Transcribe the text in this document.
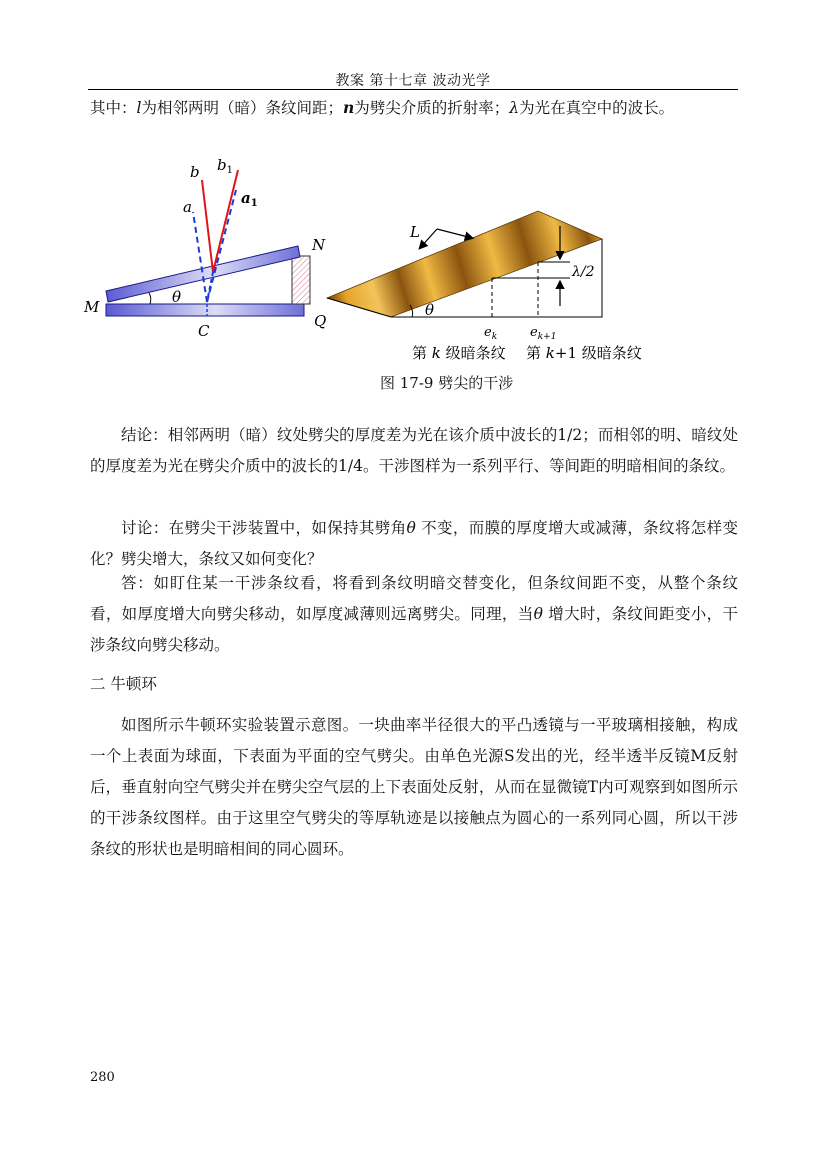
教案 第十七章 波动光学
其中：l为相邻两明（暗）条纹间距；n为劈尖介质的折射率；λ为光在真空中的波长。
b $b_1$
a	$a_1$
N
M
θ
C
Q
L
λ/2
θ
$e_k$	$e_{k+1}$
第 k 级暗条纹 第 k+1 级暗条纹
图 17-9 劈尖的干涉
结论：相邻两明（暗）纹处劈尖的厚度差为光在该介质中波长的1/2；而相邻的明、暗纹处的厚度差为光在劈尖介质中的波长的1/4。干涉图样为一系列平行、等间距的明暗相间的条纹。
讨论：在劈尖干涉装置中，如保持其劈角θ 不变，而膜的厚度增大或减薄，条纹将怎样变化？劈尖增大，条纹又如何变化？
答：如盯住某一干涉条纹看，将看到条纹明暗交替变化，但条纹间距不变，从整个条纹看，如厚度增大向劈尖移动，如厚度减薄则远离劈尖。同理，当θ 增大时，条纹间距变小，干涉条纹向劈尖移动。
二 牛顿环
如图所示牛顿环实验装置示意图。一块曲率半径很大的平凸透镜与一平玻璃相接触，构成一个上表面为球面，下表面为平面的空气劈尖。由单色光源S发出的光，经半透半反镜M反射后，垂直射向空气劈尖并在劈尖空气层的上下表面处反射，从而在显微镜T内可观察到如图所示的干涉条纹图样。由于这里空气劈尖的等厚轨迹是以接触点为圆心的一系列同心圆，所以干涉条纹的形状也是明暗相间的同心圆环。
280
